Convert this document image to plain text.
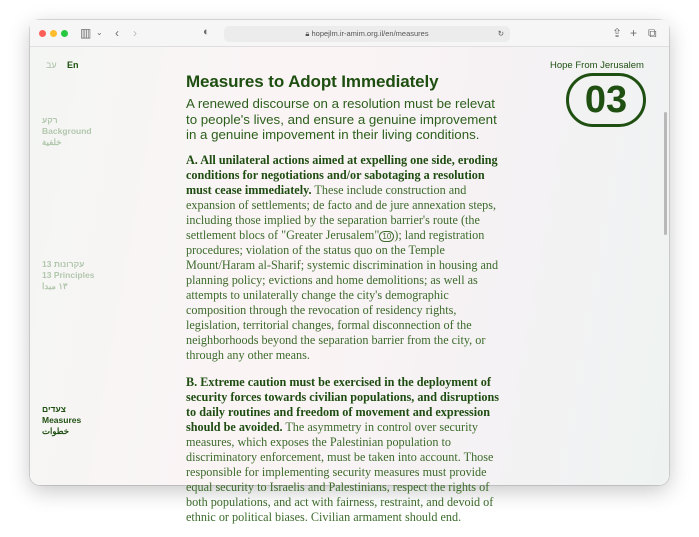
▥ ⌄ ‹ ›	◐	🔒︎ hopejlm.ir-amim.org.il/en/measures	↻	⇪ + ⧉
עב En
רקע
Background
خلفية
13 עקרונות
13 Principles
١٣ مبدا
צעדים
Measures
خطوات
Measures to Adopt Immediately
A renewed discourse on a resolution must be relevat to people's lives, and ensure a genuine improvement in a genuine impovement in their living conditions.

A. All unilateral actions aimed at expelling one side, eroding conditions for negotiations and/or sabotaging a resolution must cease immediately. These include construction and expansion of settlements; de facto and de jure annexation steps, including those implied by the separation barrier's route (the settlement blocs of "Greater Jerusalem" 10 ); land registration procedures; violation of the status quo on the Temple Mount/Haram al-Sharif; systemic discrimination in housing and planning policy; evictions and home demolitions; as well as attempts to unilaterally change the city's demographic composition through the revocation of residency rights, legislation, territorial changes, formal disconnection of the neighborhoods beyond the separation barrier from the city, or through any other means.

B. Extreme caution must be exercised in the deployment of security forces towards civilian populations, and disruptions to daily routines and freedom of movement and expression should be avoided. The asymmetry in control over security measures, which exposes the Palestinian population to discriminatory enforcement, must be taken into account. Those responsible for implementing security measures must provide equal security to Israelis and Palestinians, respect the rights of both populations, and act with fairness, restraint, and devoid of ethnic or political biases. Civilian armament should end.

Hope From Jerusalem
03
